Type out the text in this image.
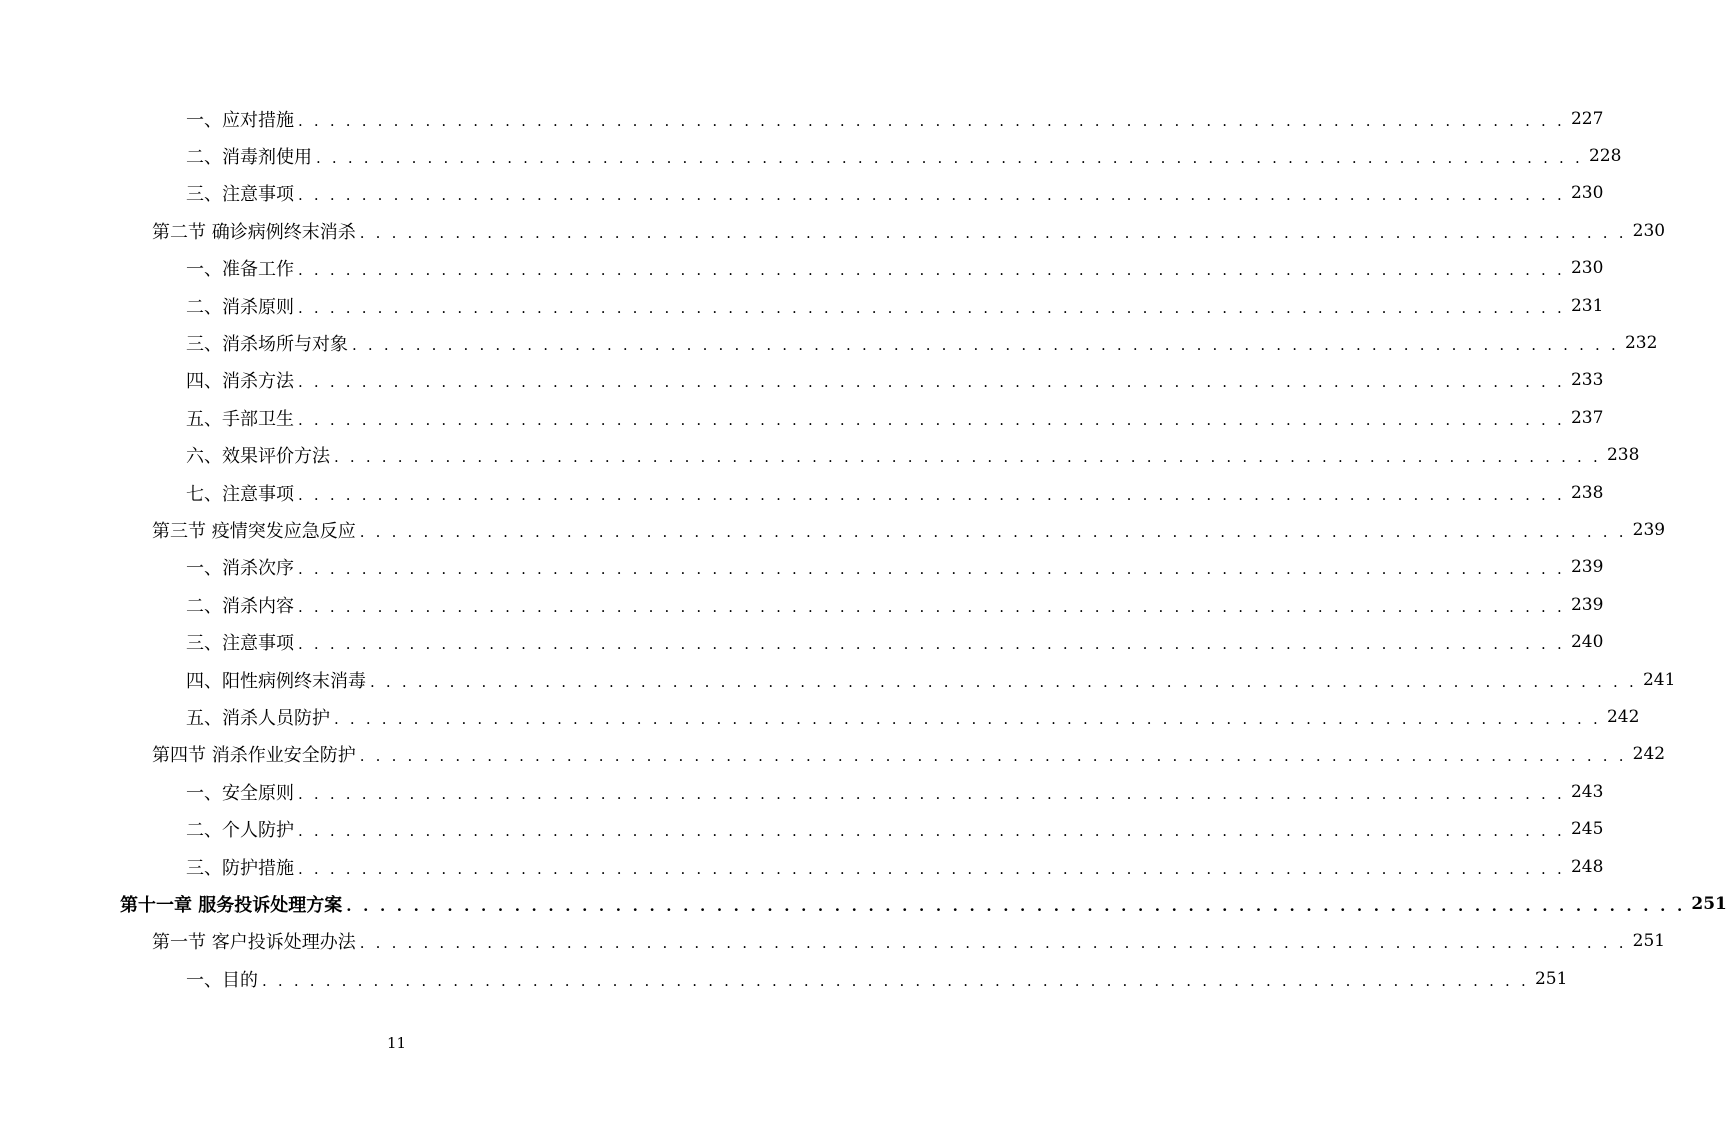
一、应对措施 . . . . . . . . . . . . . . . . . . . . . . . . . . . . . . . . . . . . . . . . . . . . . . . . . . . . . . . . . . . . . . . . . . . . . . . . . . . . . . . . 227
二、消毒剂使用 . . . . . . . . . . . . . . . . . . . . . . . . . . . . . . . . . . . . . . . . . . . . . . . . . . . . . . . . . . . . . . . . . . . . . . . . . . . . . . . . 228
三、注意事项 . . . . . . . . . . . . . . . . . . . . . . . . . . . . . . . . . . . . . . . . . . . . . . . . . . . . . . . . . . . . . . . . . . . . . . . . . . . . . . . . 230
第二节 确诊病例终末消杀 . . . . . . . . . . . . . . . . . . . . . . . . . . . . . . . . . . . . . . . . . . . . . . . . . . . . . . . . . . . . . . . . . . . . . . . . . . . . . . . . 230
一、准备工作 . . . . . . . . . . . . . . . . . . . . . . . . . . . . . . . . . . . . . . . . . . . . . . . . . . . . . . . . . . . . . . . . . . . . . . . . . . . . . . . . 230
二、消杀原则 . . . . . . . . . . . . . . . . . . . . . . . . . . . . . . . . . . . . . . . . . . . . . . . . . . . . . . . . . . . . . . . . . . . . . . . . . . . . . . . . 231
三、消杀场所与对象 . . . . . . . . . . . . . . . . . . . . . . . . . . . . . . . . . . . . . . . . . . . . . . . . . . . . . . . . . . . . . . . . . . . . . . . . . . . . . . . . 232
四、消杀方法 . . . . . . . . . . . . . . . . . . . . . . . . . . . . . . . . . . . . . . . . . . . . . . . . . . . . . . . . . . . . . . . . . . . . . . . . . . . . . . . . 233
五、手部卫生 . . . . . . . . . . . . . . . . . . . . . . . . . . . . . . . . . . . . . . . . . . . . . . . . . . . . . . . . . . . . . . . . . . . . . . . . . . . . . . . . 237
六、效果评价方法 . . . . . . . . . . . . . . . . . . . . . . . . . . . . . . . . . . . . . . . . . . . . . . . . . . . . . . . . . . . . . . . . . . . . . . . . . . . . . . . . 238
七、注意事项 . . . . . . . . . . . . . . . . . . . . . . . . . . . . . . . . . . . . . . . . . . . . . . . . . . . . . . . . . . . . . . . . . . . . . . . . . . . . . . . . 238
第三节 疫情突发应急反应 . . . . . . . . . . . . . . . . . . . . . . . . . . . . . . . . . . . . . . . . . . . . . . . . . . . . . . . . . . . . . . . . . . . . . . . . . . . . . . . . 239
一、消杀次序 . . . . . . . . . . . . . . . . . . . . . . . . . . . . . . . . . . . . . . . . . . . . . . . . . . . . . . . . . . . . . . . . . . . . . . . . . . . . . . . . 239
二、消杀内容 . . . . . . . . . . . . . . . . . . . . . . . . . . . . . . . . . . . . . . . . . . . . . . . . . . . . . . . . . . . . . . . . . . . . . . . . . . . . . . . . 239
三、注意事项 . . . . . . . . . . . . . . . . . . . . . . . . . . . . . . . . . . . . . . . . . . . . . . . . . . . . . . . . . . . . . . . . . . . . . . . . . . . . . . . . 240
四、阳性病例终末消毒 . . . . . . . . . . . . . . . . . . . . . . . . . . . . . . . . . . . . . . . . . . . . . . . . . . . . . . . . . . . . . . . . . . . . . . . . . . . . . . . . 241
五、消杀人员防护 . . . . . . . . . . . . . . . . . . . . . . . . . . . . . . . . . . . . . . . . . . . . . . . . . . . . . . . . . . . . . . . . . . . . . . . . . . . . . . . . 242
第四节 消杀作业安全防护 . . . . . . . . . . . . . . . . . . . . . . . . . . . . . . . . . . . . . . . . . . . . . . . . . . . . . . . . . . . . . . . . . . . . . . . . . . . . . . . . 242
一、安全原则 . . . . . . . . . . . . . . . . . . . . . . . . . . . . . . . . . . . . . . . . . . . . . . . . . . . . . . . . . . . . . . . . . . . . . . . . . . . . . . . . 243
二、个人防护 . . . . . . . . . . . . . . . . . . . . . . . . . . . . . . . . . . . . . . . . . . . . . . . . . . . . . . . . . . . . . . . . . . . . . . . . . . . . . . . . 245
三、防护措施 . . . . . . . . . . . . . . . . . . . . . . . . . . . . . . . . . . . . . . . . . . . . . . . . . . . . . . . . . . . . . . . . . . . . . . . . . . . . . . . . 248
第十一章 服务投诉处理方案 . . . . . . . . . . . . . . . . . . . . . . . . . . . . . . . . . . . . . . . . . . . . . . . . . . . . . . . . . . . . . . . . . . . . . . . . . . . . . . . . 251
第一节 客户投诉处理办法 . . . . . . . . . . . . . . . . . . . . . . . . . . . . . . . . . . . . . . . . . . . . . . . . . . . . . . . . . . . . . . . . . . . . . . . . . . . . . . . . 251
一、目的 . . . . . . . . . . . . . . . . . . . . . . . . . . . . . . . . . . . . . . . . . . . . . . . . . . . . . . . . . . . . . . . . . . . . . . . . . . . . . . . . 251
11
